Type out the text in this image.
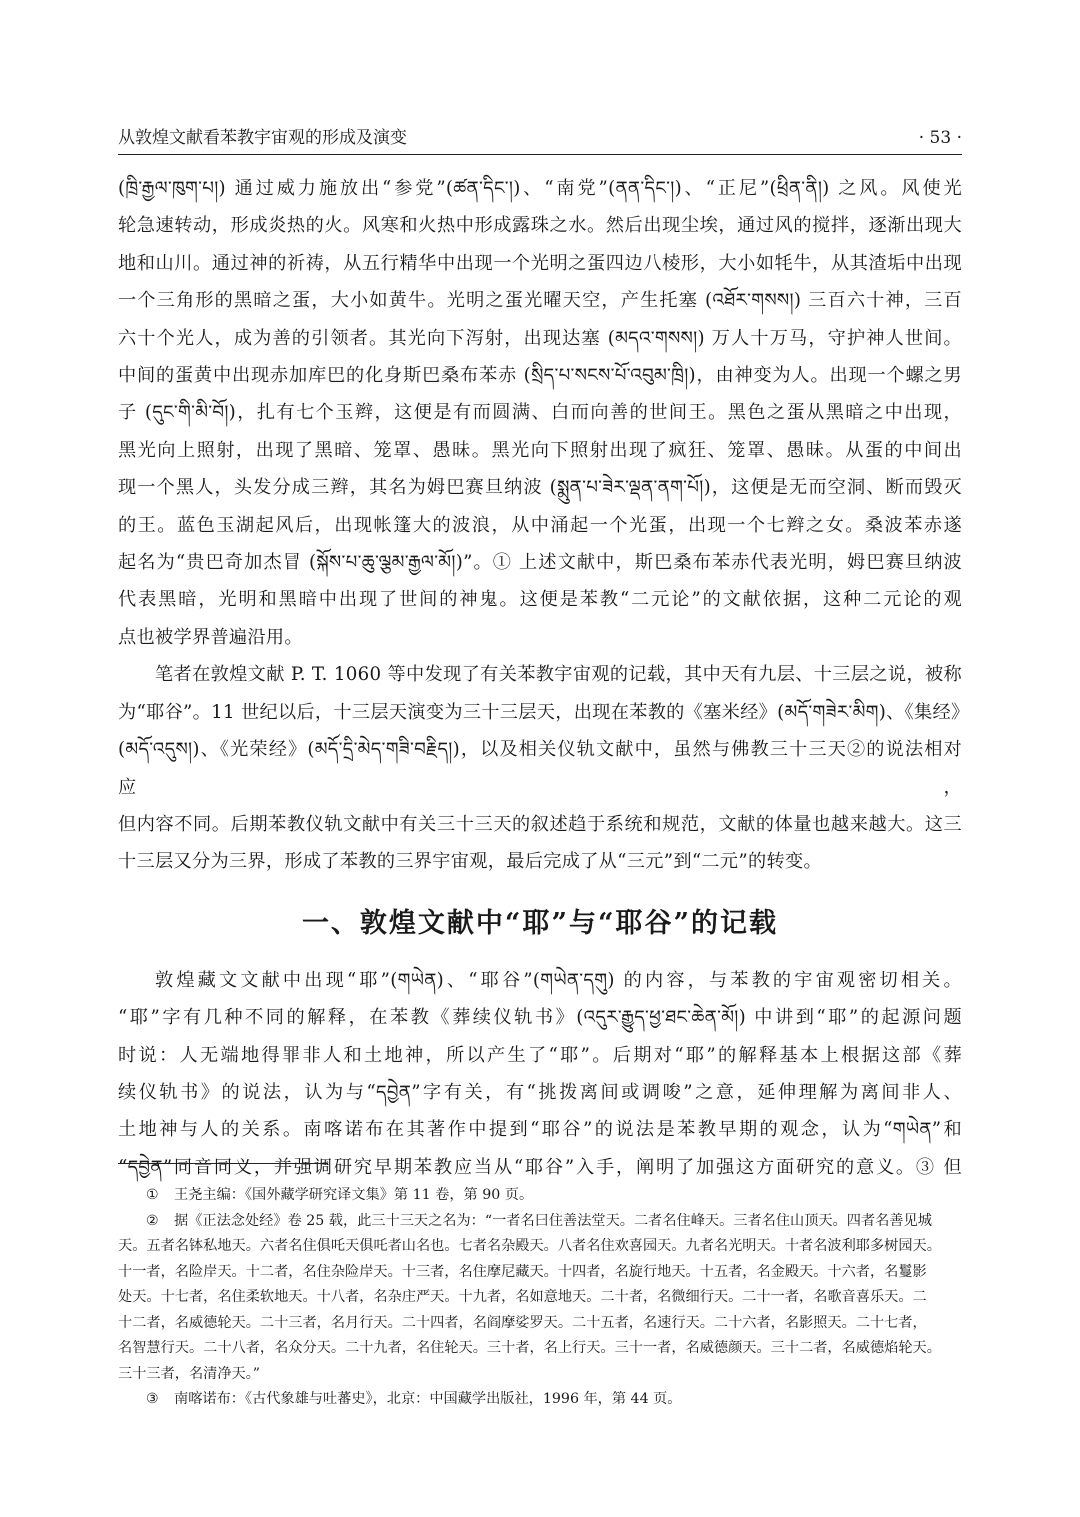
从敦煌文献看苯教宇宙观的形成及演变	· 53 ·

(ཁྲི་རྒྱལ་ཁུག་པ།) 通过威力施放出“参党”(ཚན་དིང་།)、“南党”(ནན་དིང་།)、“正尼”(ཕྲིན་ནི།) 之风。风使光

轮急速转动，形成炎热的火。风寒和火热中形成露珠之水。然后出现尘埃，通过风的搅拌，逐渐出现大

地和山川。通过神的祈祷，从五行精华中出现一个光明之蛋四边八棱形，大小如牦牛，从其渣垢中出现

一个三角形的黑暗之蛋，大小如黄牛。光明之蛋光曜天空，产生托塞 (འཐོར་གསས།) 三百六十神，三百

六十个光人，成为善的引领者。其光向下泻射，出现达塞 (མདའ་གསས།) 万人十万马，守护神人世间。

中间的蛋黄中出现赤加库巴的化身斯巴桑布苯赤 (སྲིད་པ་སངས་པོ་འབུམ་ཁྲི།)，由神变为人。出现一个螺之男

子 (དུང་གི་མི་བོ།)，扎有七个玉辫，这便是有而圆满、白而向善的世间王。黑色之蛋从黑暗之中出现，

黑光向上照射，出现了黑暗、笼罩、愚昧。黑光向下照射出现了疯狂、笼罩、愚昧。从蛋的中间出

现一个黑人，头发分成三辫，其名为姆巴赛旦纳波 (སྨུན་པ་ཟེར་ལྡན་ནག་པོ།)，这便是无而空洞、断而毁灭

的王。蓝色玉湖起风后，出现帐篷大的波浪，从中涌起一个光蛋，出现一个七辫之女。桑波苯赤遂

起名为“贵巴奇加杰冒 (སྐོས་པ་ཆུ་ལྕམ་རྒྱལ་མོ།)”。① 上述文献中，斯巴桑布苯赤代表光明，姆巴赛旦纳波

代表黑暗，光明和黑暗中出现了世间的神鬼。这便是苯教“二元论”的文献依据，这种二元论的观

点也被学界普遍沿用。

笔者在敦煌文献 P. T. 1060 等中发现了有关苯教宇宙观的记载，其中天有九层、十三层之说，被称

为“耶谷”。11 世纪以后，十三层天演变为三十三层天，出现在苯教的《塞米经》(མདོ་གཟེར་མིག)、《集经》

(མདོ་འདུས།)、《光荣经》(མདོ་དྲི་མེད་གཟི་བརྗིད།)，以及相关仪轨文献中，虽然与佛教三十三天②的说法相对应，

但内容不同。后期苯教仪轨文献中有关三十三天的叙述趋于系统和规范，文献的体量也越来越大。这三

十三层又分为三界，形成了苯教的三界宇宙观，最后完成了从“三元”到“二元”的转变。

一、敦煌文献中“耶”与“耶谷”的记载

敦煌藏文文献中出现“耶”(གཡེན)、“耶谷”(གཡེན་དགུ) 的内容，与苯教的宇宙观密切相关。

“耶”字有几种不同的解释，在苯教《葬续仪轨书》(འདུར་རྒྱུད་ཕྱ་ཐང་ཆེན་མོ།) 中讲到“耶”的起源问题

时说：人无端地得罪非人和土地神，所以产生了“耶”。后期对“耶”的解释基本上根据这部《葬

续仪轨书》的说法，认为与“དབྱེན”字有关，有“挑拨离间或调唆”之意，延伸理解为离间非人、

土地神与人的关系。南喀诺布在其著作中提到“耶谷”的说法是苯教早期的观念，认为“གཡེན”和

“དབྱེན”同音同义，并强调研究早期苯教应当从“耶谷”入手，阐明了加强这方面研究的意义。③ 但

① 王尧主编：《国外藏学研究译文集》第 11 卷，第 90 页。

② 据《正法念处经》卷 25 载，此三十三天之名为：“一者名曰住善法堂天。二者名住峰天。三者名住山顶天。四者名善见城

天。五者名钵私地天。六者名住俱吒天俱吒者山名也。七者名杂殿天。八者名住欢喜园天。九者名光明天。十者名波利耶多树园天。

十一者，名险岸天。十二者，名住杂险岸天。十三者，名住摩尼藏天。十四者，名旋行地天。十五者，名金殿天。十六者，名鬘影

处天。十七者，名住柔软地天。十八者，名杂庄严天。十九者，名如意地天。二十者，名微细行天。二十一者，名歌音喜乐天。二

十二者，名威德轮天。二十三者，名月行天。二十四者，名阎摩娑罗天。二十五者，名速行天。二十六者，名影照天。二十七者，

名智慧行天。二十八者，名众分天。二十九者，名住轮天。三十者，名上行天。三十一者，名威德颜天。三十二者，名威德焰轮天。

三十三者，名清净天。”

③ 南喀诺布：《古代象雄与吐蕃史》，北京：中国藏学出版社，1996 年，第 44 页。
